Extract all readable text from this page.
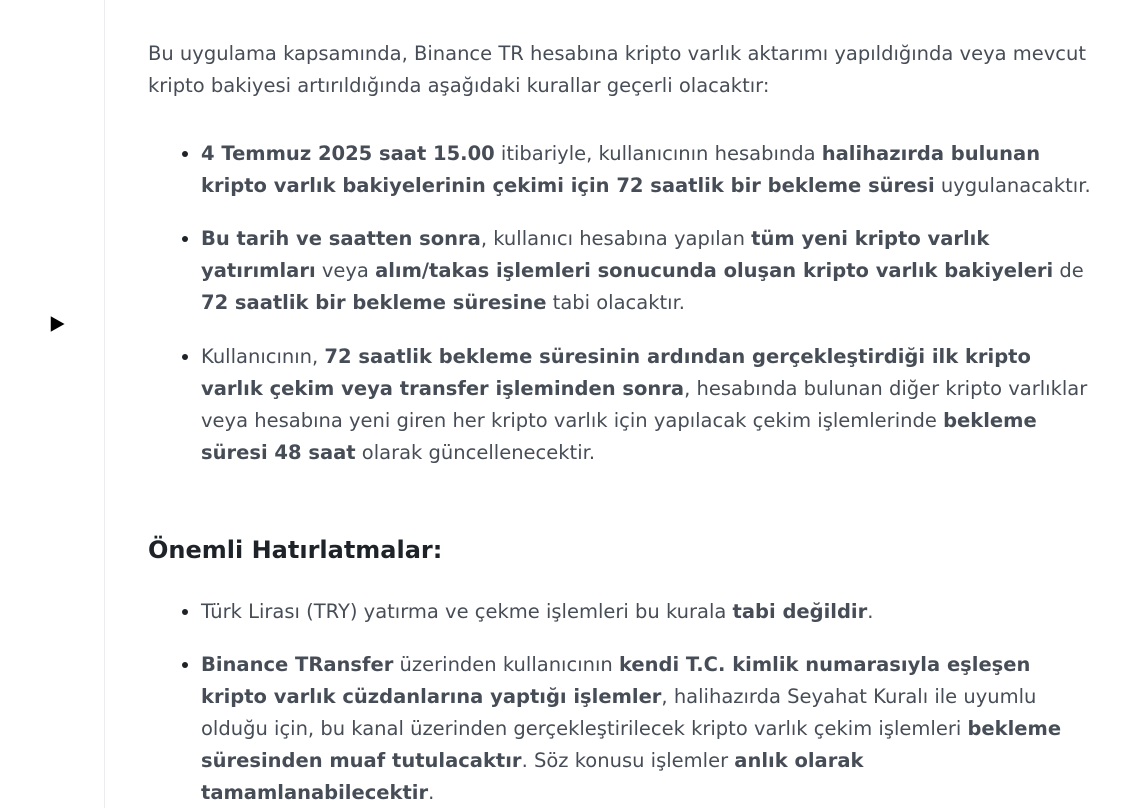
Bu uygulama kapsamında, Binance TR hesabına kripto varlık aktarımı yapıldığında veya mevcut kripto bakiyesi artırıldığında aşağıdaki kurallar geçerli olacaktır:

• 4 Temmuz 2025 saat 15.00 itibariyle, kullanıcının hesabında halihazırda bulunan kripto varlık bakiyelerinin çekimi için 72 saatlik bir bekleme süresi uygulanacaktır.
• Bu tarih ve saatten sonra, kullanıcı hesabına yapılan tüm yeni kripto varlık yatırımları veya alım/takas işlemleri sonucunda oluşan kripto varlık bakiyeleri de 72 saatlik bir bekleme süresine tabi olacaktır.
• Kullanıcının, 72 saatlik bekleme süresinin ardından gerçekleştirdiği ilk kripto varlık çekim veya transfer işleminden sonra, hesabında bulunan diğer kripto varlıklar veya hesabına yeni giren her kripto varlık için yapılacak çekim işlemlerinde bekleme süresi 48 saat olarak güncellenecektir.
Önemli Hatırlatmalar:
• Türk Lirası (TRY) yatırma ve çekme işlemleri bu kurala tabi değildir.
• Binance TRansfer üzerinden kullanıcının kendi T.C. kimlik numarasıyla eşleşen kripto varlık cüzdanlarına yaptığı işlemler, halihazırda Seyahat Kuralı ile uyumlu olduğu için, bu kanal üzerinden gerçekleştirilecek kripto varlık çekim işlemleri bekleme süresinden muaf tutulacaktır. Söz konusu işlemler anlık olarak tamamlanabilecektir.
